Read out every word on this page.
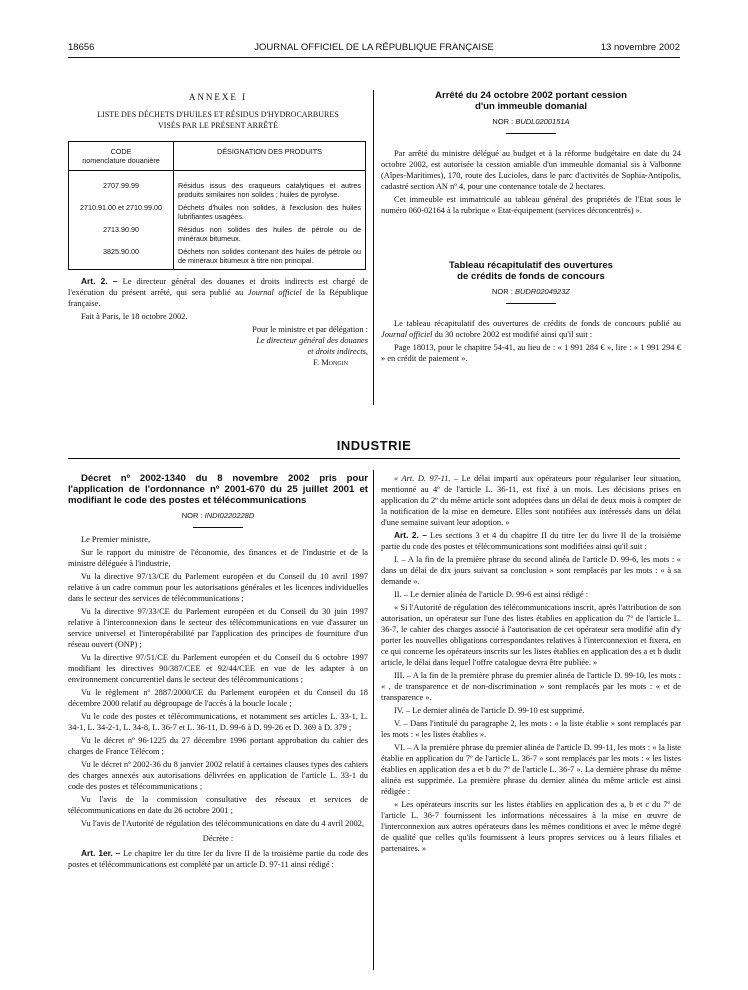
18656	JOURNAL OFFICIEL DE LA RÉPUBLIQUE FRANÇAISE	13 novembre 2002
ANNEXE I
LISTE DES DÉCHETS D'HUILES ET RÉSIDUS D'HYDROCARBURES
VISÉS PAR LE PRÉSENT ARRÊTÉ
CODE
nomenclature douanière	DÉSIGNATION DES PRODUITS
2707.99.99	Résidus issus des craqueurs catalytiques et autres produits similaires non solides ; huiles de pyrolyse.
2710.91.00 et 2710.99.00	Déchets d'huiles non solides, à l'exclusion des huiles lubrifiantes usagées.
2713.90.90	Résidus non solides des huiles de pétrole ou de minéraux bitumeux.
3825.90.00	Déchets non solides contenant des huiles de pétrole ou de minéraux bitumeux à titre non principal.

Art. 2. – Le directeur général des douanes et droits indirects est chargé de l'exécution du présent arrêté, qui sera publié au Journal officiel de la République française.

Fait à Paris, le 18 octobre 2002.

Pour le ministre et par délégation :
Le directeur général des douanes
et droits indirects,
F. Mongin
Arrêté du 24 octobre 2002 portant cession
d'un immeuble domanial
NOR : BUDL0200151A

Par arrêté du ministre délégué au budget et à la réforme budgétaire en date du 24 octobre 2002, est autorisée la cession amiable d'un immeuble domanial sis à Valbonne (Alpes-Maritimes), 170, route des Lucioles, dans le parc d'activités de Sophia-Antipolis, cadastré section AN nº 4, pour une contenance totale de 2 hectares.

Cet immeuble est immatriculé au tableau général des propriétés de l'Etat sous le numéro 060-02164 à la rubrique « Etat-équipement (services déconcentrés) ».

Tableau récapitulatif des ouvertures
de crédits de fonds de concours
NOR : BUDR0204923Z

Le tableau récapitulatif des ouvertures de crédits de fonds de concours publié au Journal officiel du 30 octobre 2002 est modifié ainsi qu'il suit :

Page 18013, pour le chapitre 54-41, au lieu de : « 1 991 284 € », lire : « 1 991 294 € » en crédit de paiement ».

INDUSTRIE

Décret nº 2002-1340 du 8 novembre 2002 pris pour l'application de l'ordonnance nº 2001-670 du 25 juillet 2001 et modifiant le code des postes et télécommunications

NOR : INDI0220228D

Le Premier ministre,

Sur le rapport du ministre de l'économie, des finances et de l'industrie et de la ministre déléguée à l'industrie,

Vu la directive 97/13/CE du Parlement européen et du Conseil du 10 avril 1997 relative à un cadre commun pour les autorisations générales et les licences individuelles dans le secteur des services de télécommunications ;

Vu la directive 97/33/CE du Parlement européen et du Conseil du 30 juin 1997 relative à l'interconnexion dans le secteur des télécommunications en vue d'assurer un service universel et l'interopérabilité par l'application des principes de fourniture d'un réseau ouvert (ONP) ;

Vu la directive 97/51/CE du Parlement européen et du Conseil du 6 octobre 1997 modifiant les directives 90/387/CEE et 92/44/CEE en vue de les adapter à un environnement concurrentiel dans le secteur des télécommunications ;

Vu le règlement nº 2887/2000/CE du Parlement européen et du Conseil du 18 décembre 2000 relatif au dégroupage de l'accès à la boucle locale ;

Vu le code des postes et télécommunications, et notamment ses articles L. 33-1, L. 34-1, L. 34-2-1, L. 34-8, L. 36-7 et L. 36-11, D. 99-6 à D. 99-26 et D. 369 à D. 379 ;

Vu le décret nº 96-1225 du 27 décembre 1996 portant approbation du cahier des charges de France Télécom ;

Vu le décret nº 2002-36 du 8 janvier 2002 relatif à certaines clauses types des cahiers des charges annexés aux autorisations délivrées en application de l'article L. 33-1 du code des postes et télécommunications ;

Vu l'avis de la commission consultative des réseaux et services de télécommunications en date du 26 octobre 2001 ;

Vu l'avis de l'Autorité de régulation des télécommunications en date du 4 avril 2002,

Décrète :

Art. 1er. – Le chapitre Ier du titre Ier du livre II de la troisième partie du code des postes et télécommunications est complété par un article D. 97-11 ainsi rédigé :

« Art. D. 97-11. – Le délai imparti aux opérateurs pour régulariser leur situation, mentionné au 4º de l'article L. 36-11, est fixé à un mois. Les décisions prises en application du 2º du même article sont adoptées dans un délai de deux mois à compter de la notification de la mise en demeure. Elles sont notifiées aux intéressés dans un délai d'une semaine suivant leur adoption. »

Art. 2. – Les sections 3 et 4 du chapitre II du titre Ier du livre II de la troisième partie du code des postes et télécommunications sont modifiées ainsi qu'il suit :

I. – A la fin de la première phrase du second alinéa de l'article D. 99-6, les mots : « dans un délai de dix jours suivant sa conclusion » sont remplacés par les mots : « à sa demande ».

II. – Le dernier alinéa de l'article D. 99-6 est ainsi rédigé :

« Si l'Autorité de régulation des télécommunications inscrit, après l'attribution de son autorisation, un opérateur sur l'une des listes établies en application du 7º de l'article L. 36-7, le cahier des charges associé à l'autorisation de cet opérateur sera modifié afin d'y porter les nouvelles obligations correspondantes relatives à l'interconnexion et fixera, en ce qui concerne les opérateurs inscrits sur les listes établies en application des a et b dudit article, le délai dans lequel l'offre catalogue devra être publiée. »

III. – A la fin de la première phrase du premier alinéa de l'article D. 99-10, les mots : « , de transparence et de non-discrimination » sont remplacés par les mots : « et de transparence ».

IV. – Le dernier alinéa de l'article D. 99-10 est supprimé.

V. – Dans l'intitulé du paragraphe 2, les mots : « la liste établie » sont remplacés par les mots : « les listes établies ».

VI. – A la première phrase du premier alinéa de l'article D. 99-11, les mots : « la liste établie en application du 7º de l'article L. 36-7 » sont remplacés par les mots : « les listes établies en application des a et b du 7º de l'article L. 36-7 ». La dernière phrase du même alinéa est supprimée. La première phrase du dernier alinéa du même article est ainsi rédigée :

« Les opérateurs inscrits sur les listes établies en application des a, b et c du 7º de l'article L. 36-7 fournissent les informations nécessaires à la mise en œuvre de l'interconnexion aux autres opérateurs dans les mêmes conditions et avec le même degré de qualité que celles qu'ils fournissent à leurs propres services ou à leurs filiales et partenaires. »
